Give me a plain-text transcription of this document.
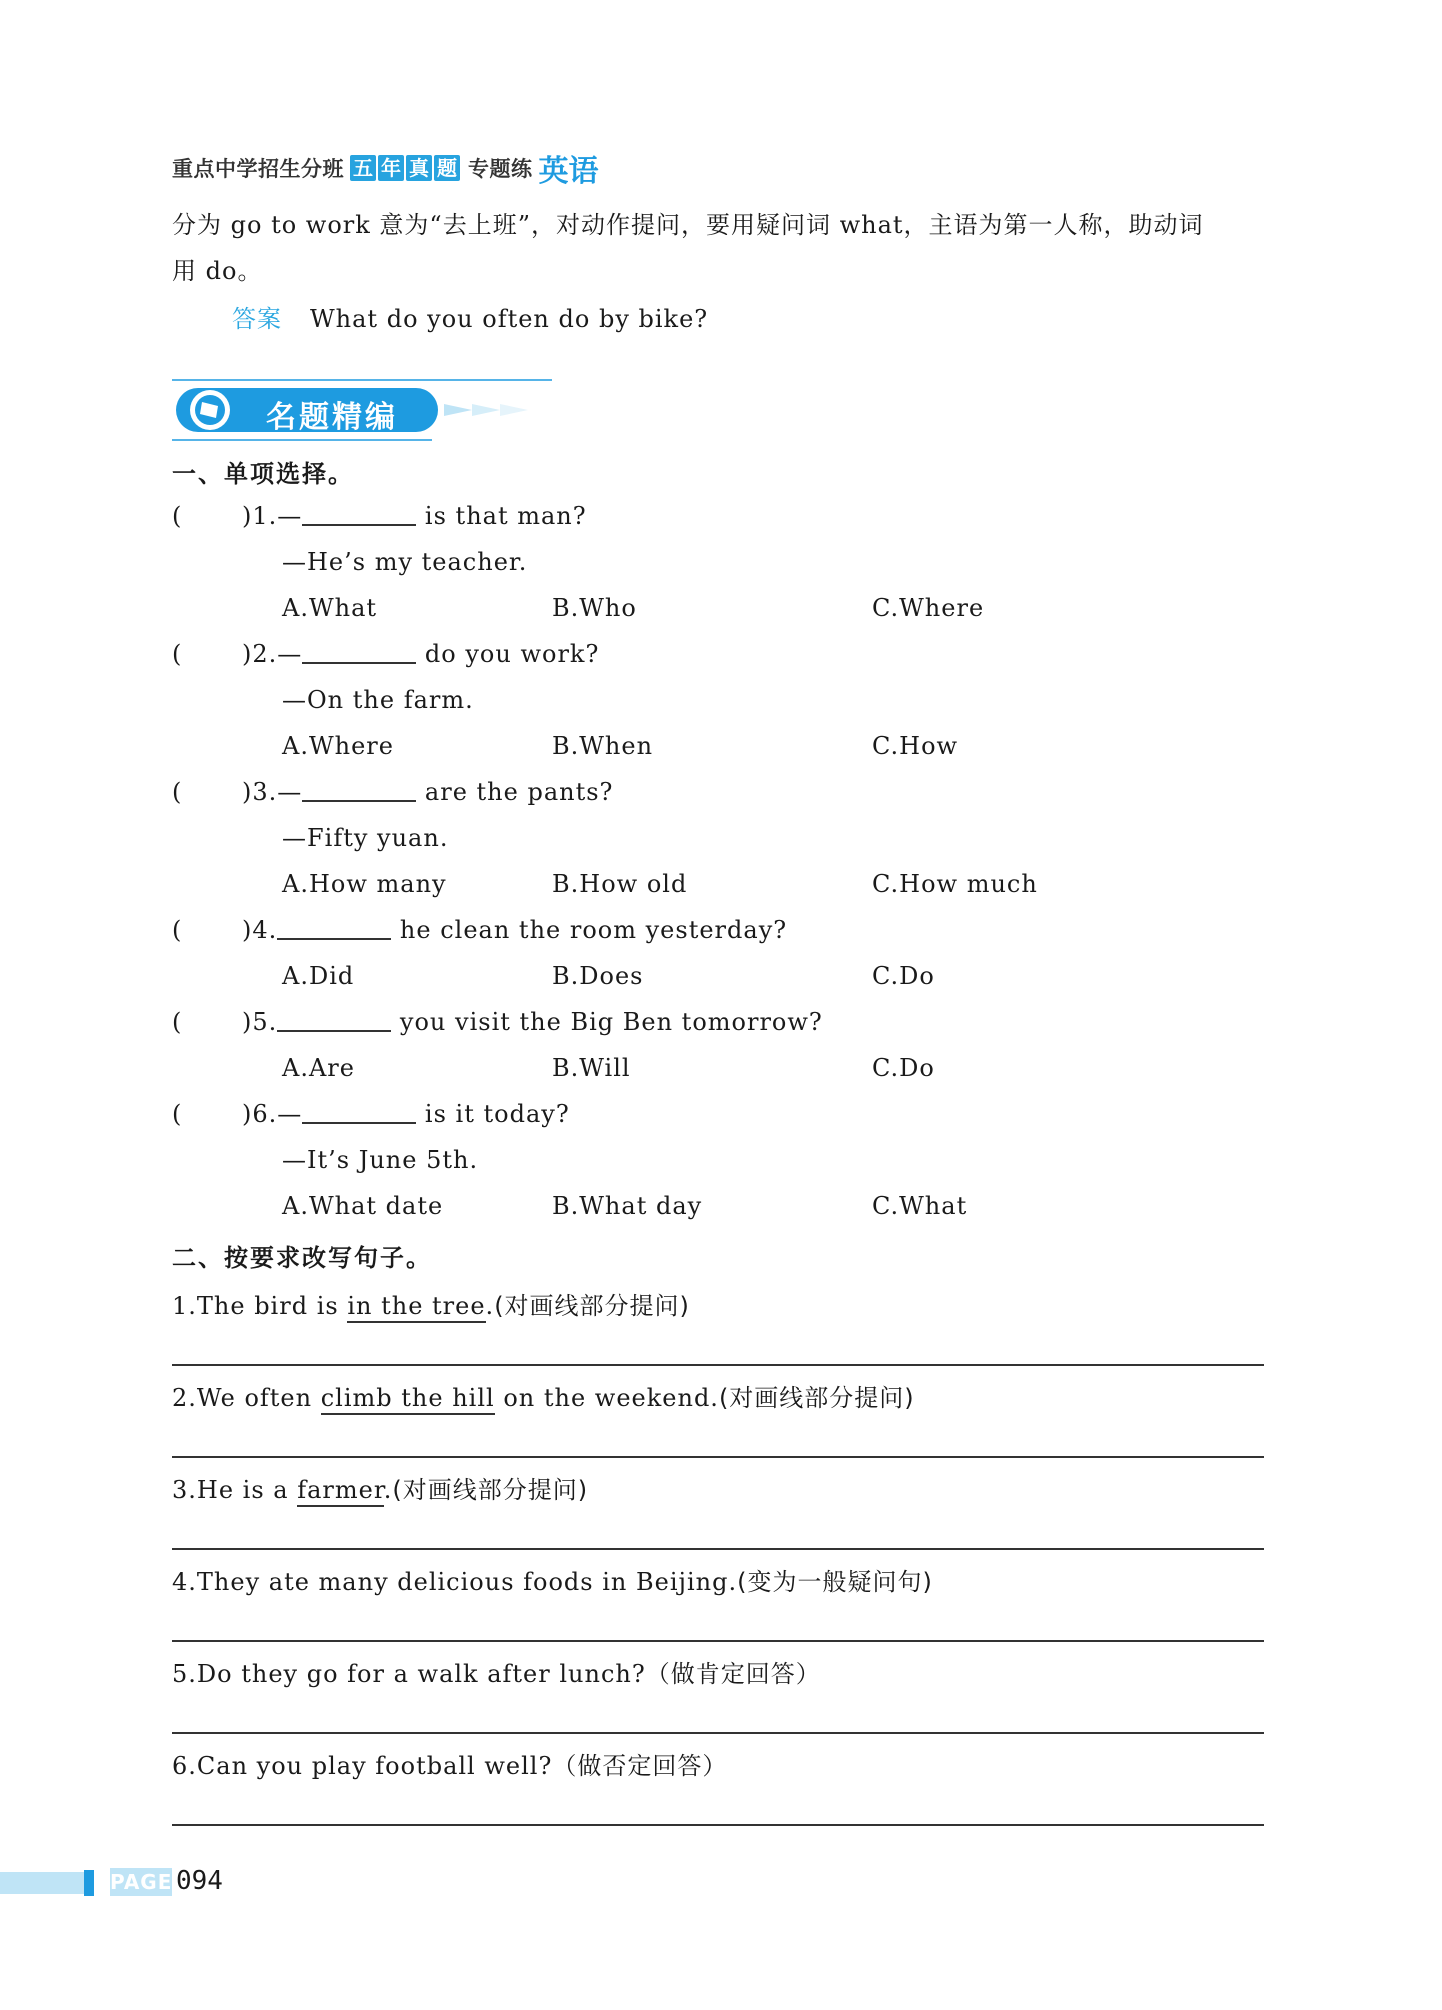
重点中学招生分班 五 年 真 题 专题练 英语
分为 go to work 意为“去上班”，对动作提问，要用疑问词 what，主语为第一人称，助动词
用 do。
答案 What do you often do by bike?
名题精编
一、单项选择。
( )1.—	is that man?
—He’s my teacher.
A.What	B.Who	C.Where
( )2.—	do you work?
—On the farm.
A.Where	B.When	C.How
( )3.—	are the pants?
—Fifty yuan.
A.How many	B.How old	C.How much
( )4.	he clean the room yesterday?
A.Did	B.Does	C.Do
( )5.	you visit the Big Ben tomorrow?
A.Are	B.Will	C.Do
( )6.—	is it today?
—It’s June 5th.
A.What date	B.What day	C.What
二、按要求改写句子。
1.The bird is in the tree.(对画线部分提问)
2.We often climb the hill on the weekend.(对画线部分提问)
3.He is a farmer.(对画线部分提问)
4.They ate many delicious foods in Beijing.(变为一般疑问句)
5.Do they go for a walk after lunch?（做肯定回答）
6.Can you play football well?（做否定回答）
PAGE 094
